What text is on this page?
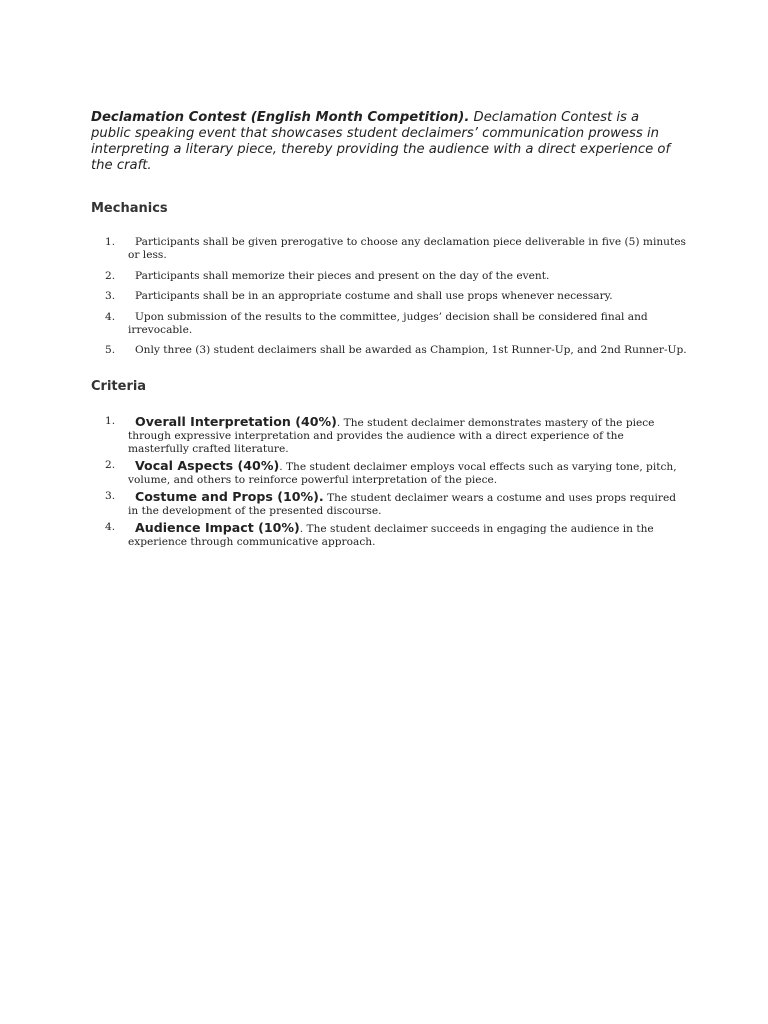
Declamation Contest (English Month Competition). Declamation Contest is a public speaking event that showcases student declaimers’ communication prowess in interpreting a literary piece, thereby providing the audience with a direct experience of the craft.

Mechanics
1. Participants shall be given prerogative to choose any declamation piece deliverable in five (5) minutes or less.
2. Participants shall memorize their pieces and present on the day of the event.
3. Participants shall be in an appropriate costume and shall use props whenever necessary.
4. Upon submission of the results to the committee, judges’ decision shall be considered final and irrevocable.
5. Only three (3) student declaimers shall be awarded as Champion, 1st Runner-Up, and 2nd Runner-Up.
Criteria
1. Overall Interpretation (40%). The student declaimer demonstrates mastery of the piece through expressive interpretation and provides the audience with a direct experience of the masterfully crafted literature.
2. Vocal Aspects (40%). The student declaimer employs vocal effects such as varying tone, pitch, volume, and others to reinforce powerful interpretation of the piece.
3. Costume and Props (10%). The student declaimer wears a costume and uses props required in the development of the presented discourse.
4. Audience Impact (10%). The student declaimer succeeds in engaging the audience in the experience through communicative approach.
